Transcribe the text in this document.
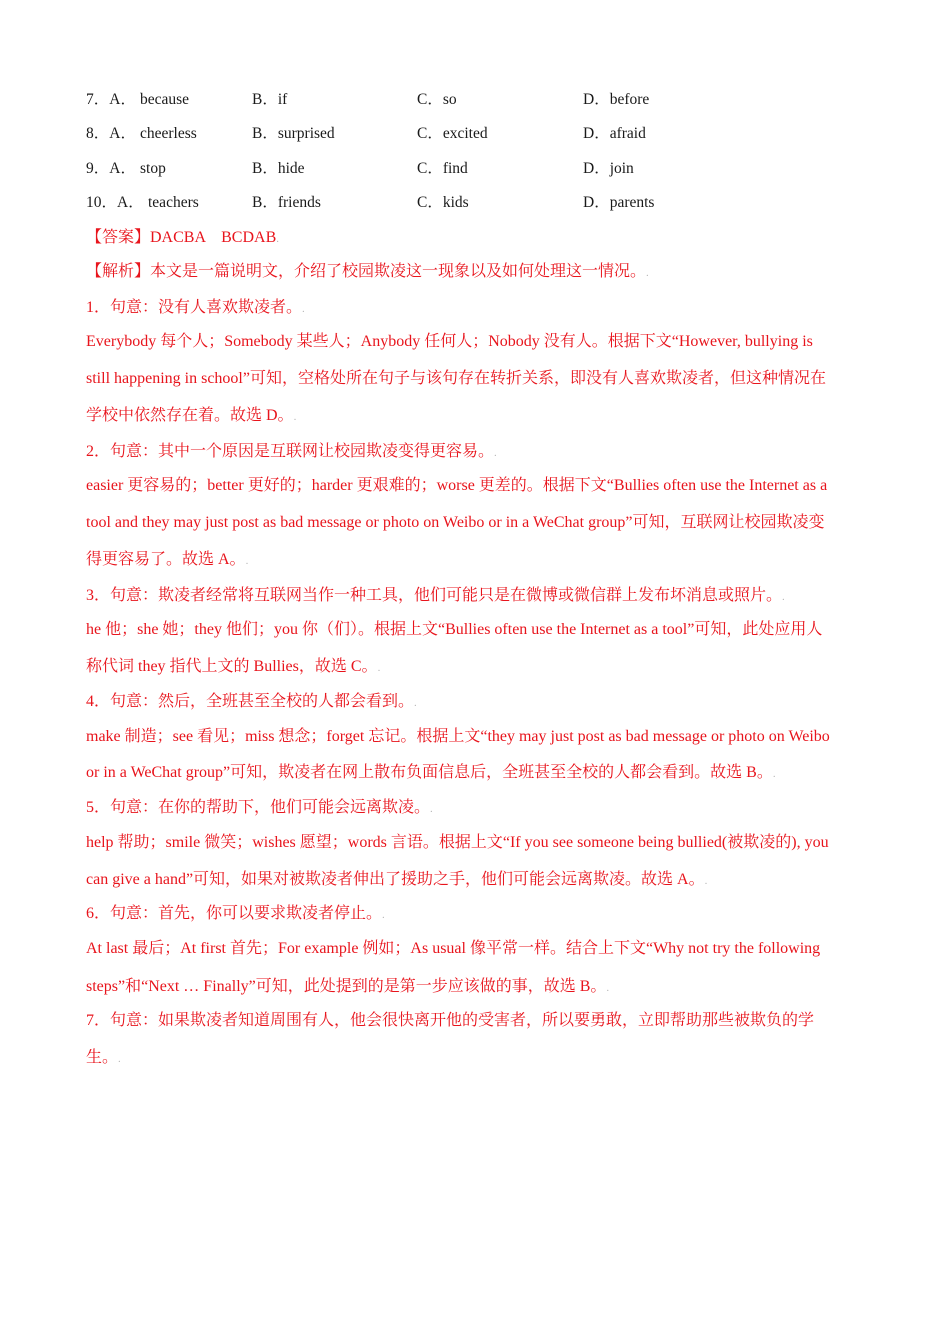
7．A． because	B．if	C．so	D．before
8．A． cheerless	B．surprised	C．excited	D．afraid
9．A． stop	B．hide	C．find	D．join
10．A． teachers	B．friends	C．kids	D．parents
【答案】DACBA　BCDAB.
【解析】本文是一篇说明文，介绍了校园欺凌这一现象以及如何处理这一情况。.
1．句意：没有人喜欢欺凌者。.
Everybody 每个人；Somebody 某些人；Anybody 任何人；Nobody 没有人。根据下文“However, bullying is
still happening in school”可知，空格处所在句子与该句存在转折关系，即没有人喜欢欺凌者，但这种情况在
学校中依然存在着。故选 D。.
2．句意：其中一个原因是互联网让校园欺凌变得更容易。.
easier 更容易的；better 更好的；harder 更艰难的；worse 更差的。根据下文“Bullies often use the Internet as a
tool and they may just post as bad message or photo on Weibo or in a WeChat group”可知，互联网让校园欺凌变
得更容易了。故选 A。.
3．句意：欺凌者经常将互联网当作一种工具，他们可能只是在微博或微信群上发布坏消息或照片。.
he 他；she 她；they 他们；you 你（们）。根据上文“Bullies often use the Internet as a tool”可知，此处应用人
称代词 they 指代上文的 Bullies，故选 C。.
4．句意：然后，全班甚至全校的人都会看到。.
make 制造；see 看见；miss 想念；forget 忘记。根据上文“they may just post as bad message or photo on Weibo
or in a WeChat group”可知，欺凌者在网上散布负面信息后，全班甚至全校的人都会看到。故选 B。.
5．句意：在你的帮助下，他们可能会远离欺凌。.
help 帮助；smile 微笑；wishes 愿望；words 言语。根据上文“If you see someone being bullied(被欺凌的), you
can give a hand”可知，如果对被欺凌者伸出了援助之手，他们可能会远离欺凌。故选 A。.
6．句意：首先，你可以要求欺凌者停止。.
At last 最后；At first 首先；For example 例如；As usual 像平常一样。结合上下文“Why not try the following
steps”和“Next … Finally”可知，此处提到的是第一步应该做的事，故选 B。.
7．句意：如果欺凌者知道周围有人，他会很快离开他的受害者，所以要勇敢，立即帮助那些被欺负的学
生。.
